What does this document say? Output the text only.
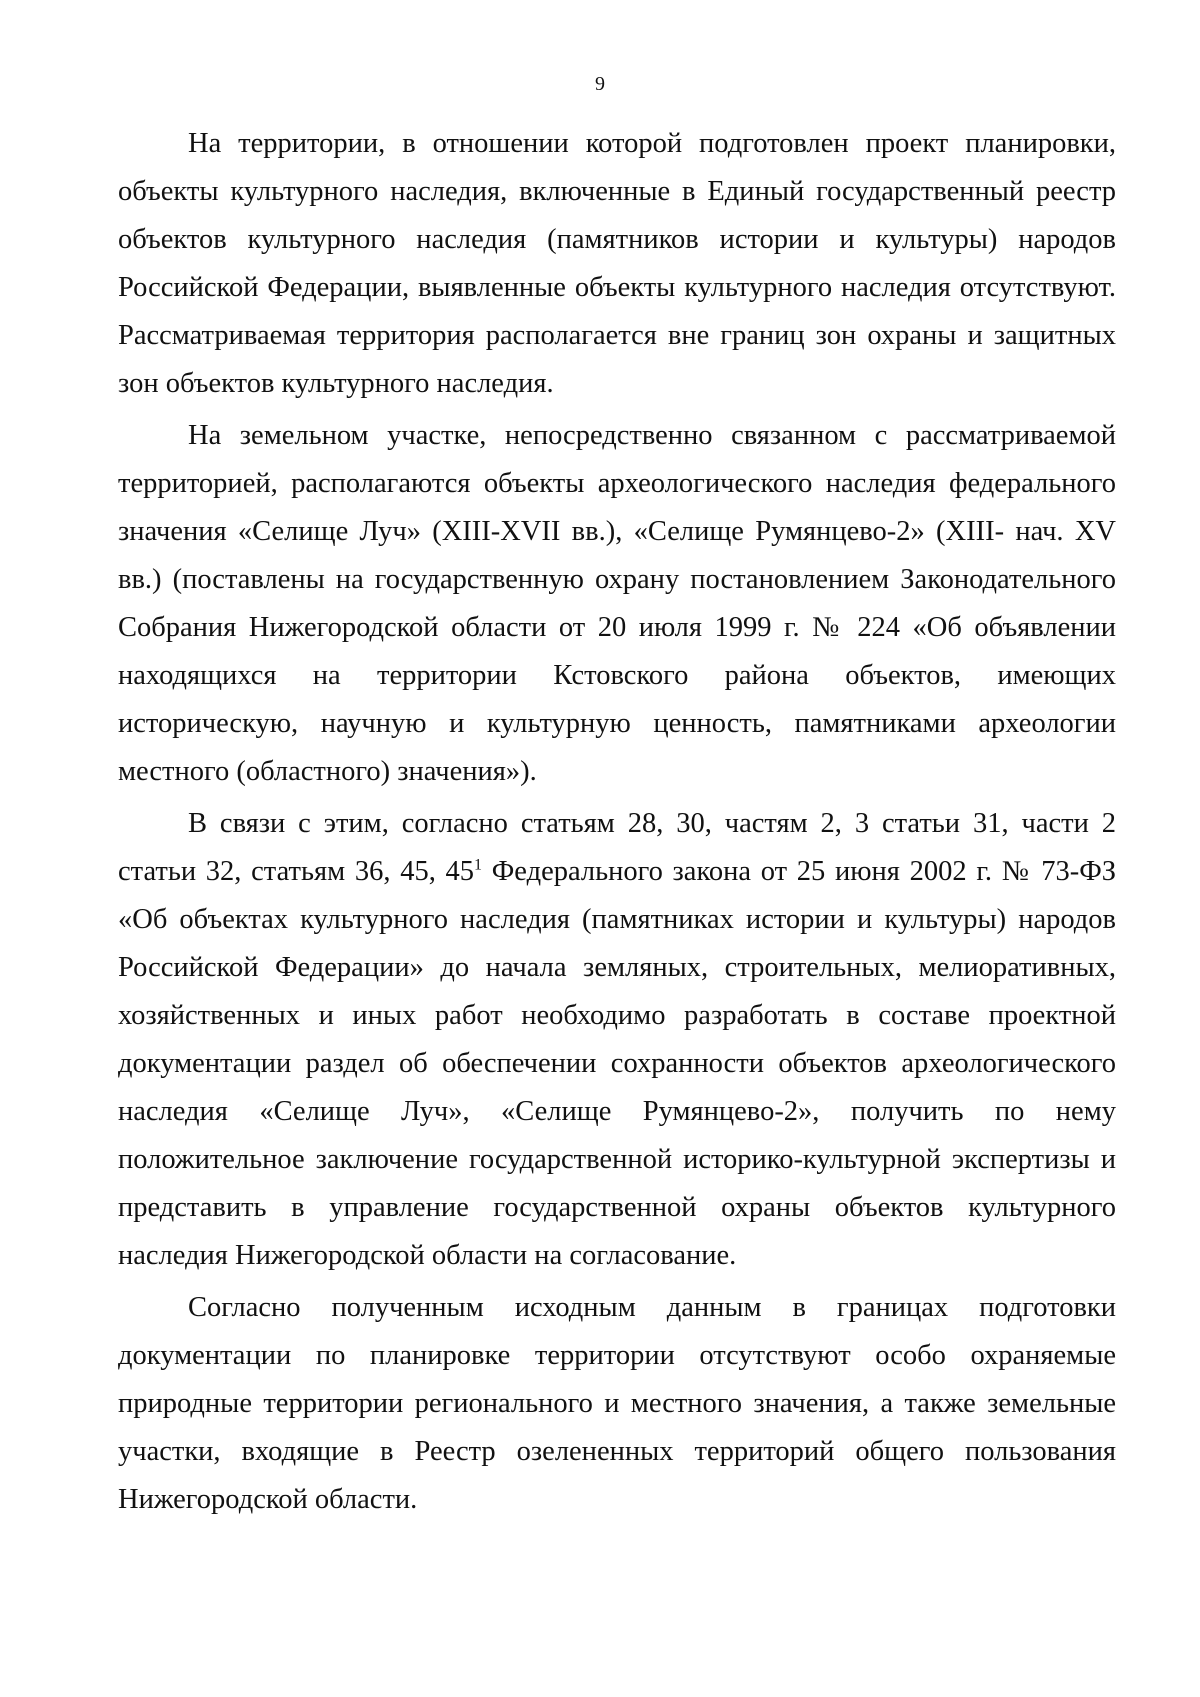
9

На территории, в отношении которой подготовлен проект планировки, объекты культурного наследия, включенные в Единый государственный реестр объектов культурного наследия (памятников истории и культуры) народов Российской Федерации, выявленные объекты культурного наследия отсутствуют. Рассматриваемая территория располагается вне границ зон охраны и защитных зон объектов культурного наследия.

На земельном участке, непосредственно связанном с рассматриваемой территорией, располагаются объекты археологического наследия федерального значения «Селище Луч» (XIII-XVII вв.), «Селище Румянцево-2» (XIII- нач. XV вв.) (поставлены на государственную охрану постановлением Законодательного Собрания Нижегородской области от 20 июля 1999 г. № 224 «Об объявлении находящихся на территории Кстовского района объектов, имеющих историческую, научную и культурную ценность, памятниками археологии местного (областного) значения»).

В связи с этим, согласно статьям 28, 30, частям 2, 3 статьи 31, части 2 статьи 32, статьям 36, 45, $45^1$ Федерального закона от 25 июня 2002 г. № 73-ФЗ «Об объектах культурного наследия (памятниках истории и культуры) народов Российской Федерации» до начала земляных, строительных, мелиоративных, хозяйственных и иных работ необходимо разработать в составе проектной документации раздел об обеспечении сохранности объектов археологического наследия «Селище Луч», «Селище Румянцево-2», получить по нему положительное заключение государственной историко-культурной экспертизы и представить в управление государственной охраны объектов культурного наследия Нижегородской области на согласование.

Согласно полученным исходным данным в границах подготовки документации по планировке территории отсутствуют особо охраняемые природные территории регионального и местного значения, а также земельные участки, входящие в Реестр озелененных территорий общего пользования Нижегородской области.
